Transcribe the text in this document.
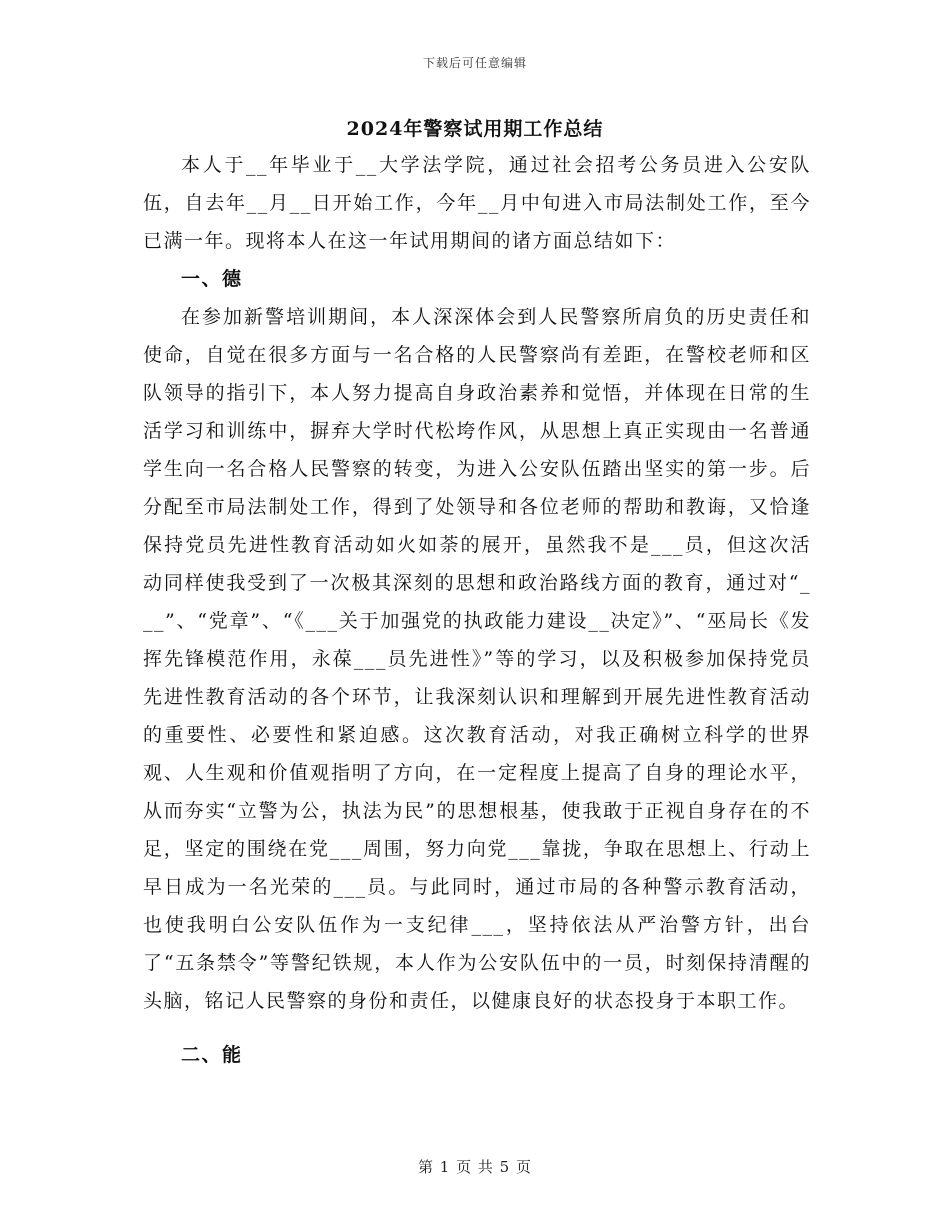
下载后可任意编辑
2024年警察试用期工作总结

本人于__年毕业于__大学法学院，通过社会招考公务员进入公安队伍，自去年__月__日开始工作，今年__月中旬进入市局法制处工作，至今已满一年。现将本人在这一年试用期间的诸方面总结如下：

一、德

在参加新警培训期间，本人深深体会到人民警察所肩负的历史责任和使命，自觉在很多方面与一名合格的人民警察尚有差距，在警校老师和区队领导的指引下，本人努力提高自身政治素养和觉悟，并体现在日常的生活学习和训练中，摒弃大学时代松垮作风，从思想上真正实现由一名普通学生向一名合格人民警察的转变，为进入公安队伍踏出坚实的第一步。后分配至市局法制处工作，得到了处领导和各位老师的帮助和教诲，又恰逢保持党员先进性教育活动如火如荼的展开，虽然我不是___员，但这次活动同样使我受到了一次极其深刻的思想和政治路线方面的教育，通过对“___”、“党章”、“《___关于加强党的执政能力建设__决定》”、“巫局长《发挥先锋模范作用，永葆___员先进性》”等的学习，以及积极参加保持党员先进性教育活动的各个环节，让我深刻认识和理解到开展先进性教育活动的重要性、必要性和紧迫感。这次教育活动，对我正确树立科学的世界观、人生观和价值观指明了方向，在一定程度上提高了自身的理论水平，从而夯实“立警为公，执法为民”的思想根基，使我敢于正视自身存在的不足，坚定的围绕在党___周围，努力向党___靠拢，争取在思想上、行动上早日成为一名光荣的___员。与此同时，通过市局的各种警示教育活动，也使我明白公安队伍作为一支纪律___，坚持依法从严治警方针，出台了“五条禁令”等警纪铁规，本人作为公安队伍中的一员，时刻保持清醒的头脑，铭记人民警察的身份和责任，以健康良好的状态投身于本职工作。

二、能

第 1 页 共 5 页
